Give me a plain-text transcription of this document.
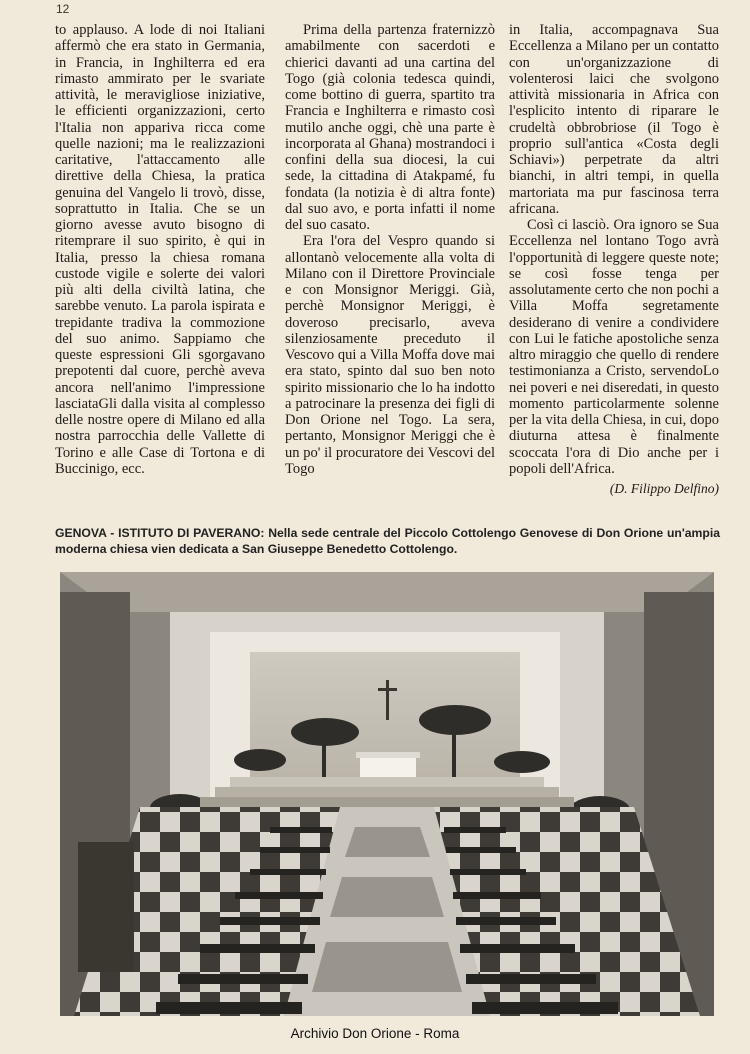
12

to applauso. A lode di noi Italiani affermò che era stato in Germania, in Francia, in Inghilterra ed era rimasto ammirato per le svariate attività, le meravigliose iniziative, le efficienti organizzazioni, certo l'Italia non appariva ricca come quelle nazioni; ma le realizzazioni caritative, l'attaccamento alle direttive della Chiesa, la pratica genuina del Vangelo li trovò, disse, soprattutto in Italia. Che se un giorno avesse avuto bisogno di ritemprare il suo spirito, è qui in Italia, presso la chiesa romana custode vigile e solerte dei valori più alti della civiltà latina, che sarebbe venuto. La parola ispirata e trepidante tradiva la commozione del suo animo. Sappiamo che queste espressioni Gli sgorgavano prepotenti dal cuore, perchè aveva ancora nell'animo l'impressione lasciataGli dalla visita al complesso delle nostre opere di Milano ed alla nostra parrocchia delle Vallette di Torino e alle Case di Tortona e di Buccinigo, ecc.

Prima della partenza fraternizzò amabilmente con sacerdoti e chierici davanti ad una cartina del Togo (già colonia tedesca quindi, come bottino di guerra, spartito tra Francia e Inghilterra e rimasto così mutilo anche oggi, chè una parte è incorporata al Ghana) mostrandoci i confini della sua diocesi, la cui sede, la cittadina di Atakpamé, fu fondata (la notizia è di altra fonte) dal suo avo, e porta infatti il nome del suo casato.

Era l'ora del Vespro quando si allontanò velocemente alla volta di Milano con il Direttore Provinciale e con Monsignor Meriggi. Già, perchè Monsignor Meriggi, è doveroso precisarlo, aveva silenziosamente preceduto il Vescovo qui a Villa Moffa dove mai era stato, spinto dal suo ben noto spirito missionario che lo ha indotto a patrocinare la presenza dei figli di Don Orione nel Togo. La sera, pertanto, Monsignor Meriggi che è un po' il procuratore dei Vescovi del Togo

in Italia, accompagnava Sua Eccellenza a Milano per un contatto con un'organizzazione di volenterosi laici che svolgono attività missionaria in Africa con l'esplicito intento di riparare le crudeltà obbrobriose (il Togo è proprio sull'antica «Costa degli Schiavi») perpetrate da altri bianchi, in altri tempi, in quella martoriata ma pur fascinosa terra africana.

Così ci lasciò. Ora ignoro se Sua Eccellenza nel lontano Togo avrà l'opportunità di leggere queste note; se così fosse tenga per assolutamente certo che non pochi a Villa Moffa segretamente desiderano di venire a condividere con Lui le fatiche apostoliche senza altro miraggio che quello di rendere testimonianza a Cristo, servendoLo nei poveri e nei diseredati, in questo momento particolarmente solenne per la vita della Chiesa, in cui, dopo diuturna attesa è finalmente scoccata l'ora di Dio anche per i popoli dell'Africa.

(D. Filippo Delfino)
GENOVA - ISTITUTO DI PAVERANO: Nella sede centrale del Piccolo Cottolengo Genovese di Don Orione un'ampia moderna chiesa vien dedicata a San Giuseppe Benedetto Cottolengo.
Archivio Don Orione - Roma
